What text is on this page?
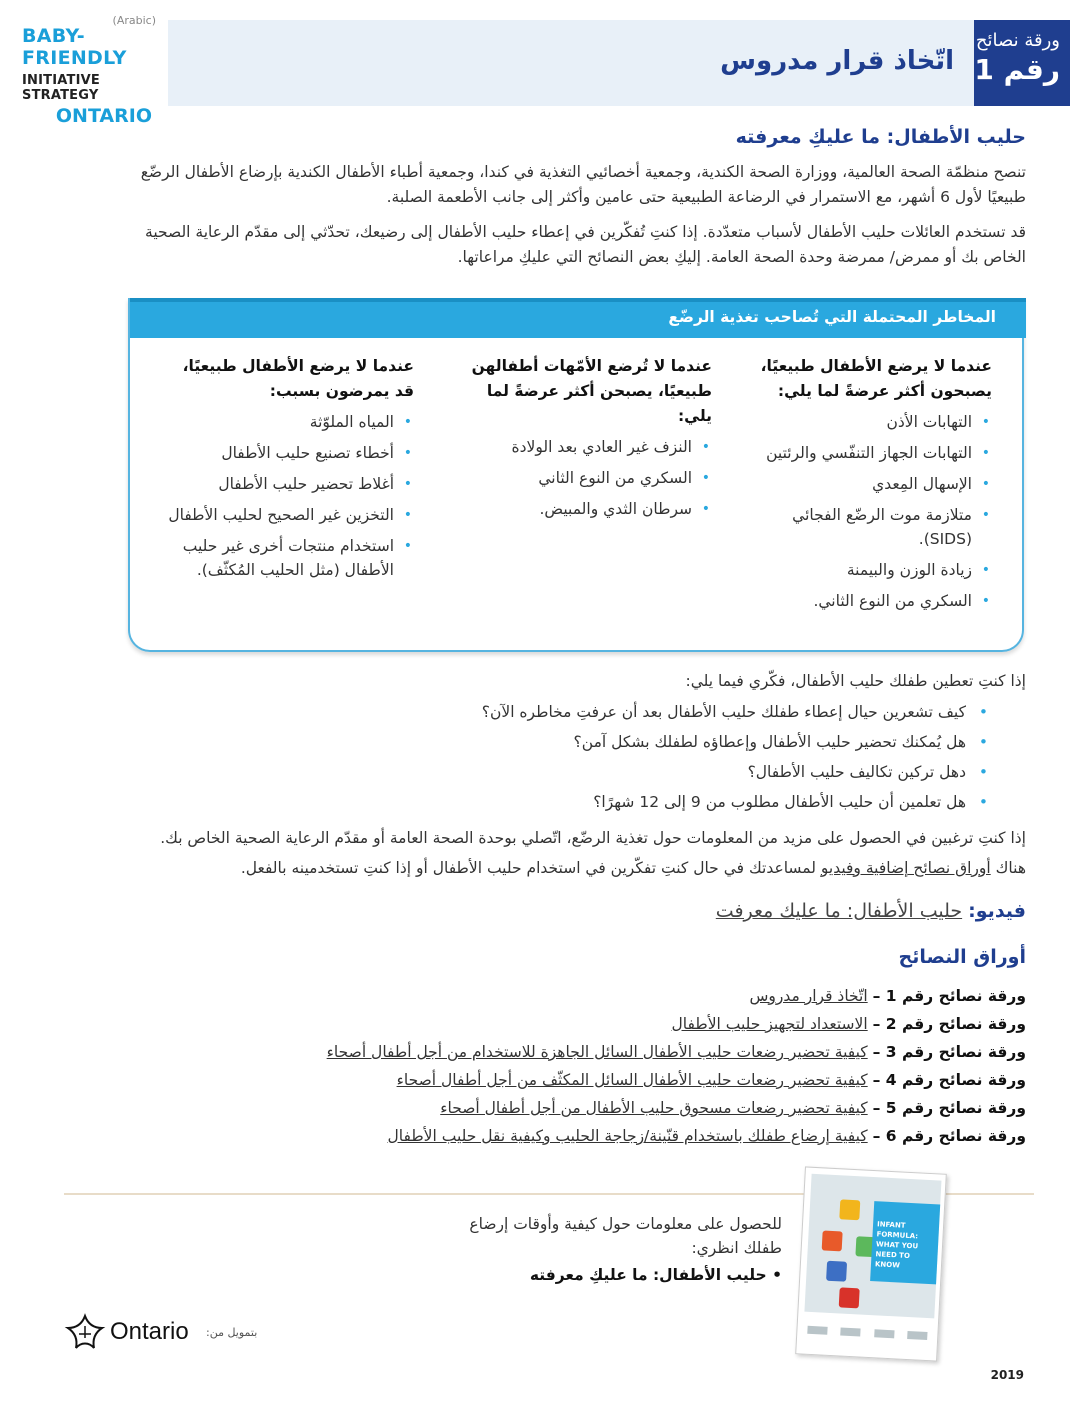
(Arabic)
BABY-FRIENDLY
INITIATIVE STRATEGY
ONTARIO
اتّخاذ قرار مدروس
ورقة نصائح
رقم 1
حليب الأطفال: ما عليكِ معرفته
تنصح منظمّة الصحة العالمية، ووزارة الصحة الكندية، وجمعية أخصائيي التغذية في كندا، وجمعية أطباء الأطفال الكندية بإرضاع الأطفال الرضّع طبيعيًا لأول 6 أشهر، مع الاستمرار في الرضاعة الطبيعية حتى عامين وأكثر إلى جانب الأطعمة الصلبة.
قد تستخدم العائلات حليب الأطفال لأسباب متعدّدة. إذا كنتِ تُفكّرين في إعطاء حليب الأطفال إلى رضيعك، تحدّثي إلى مقدّم الرعاية الصحية الخاص بك أو ممرض/ ممرضة وحدة الصحة العامة. إليكِ بعض النصائح التي عليكِ مراعاتها.
المخاطر المحتملة التي تُصاحب تغذية الرضّع
عندما لا يرضع الأطفال طبيعيًا، يصبحون أكثر عرضةً لما يلي:
• التهابات الأذن
• التهابات الجهاز التنفّسي والرئتين
• الإسهال المِعدي
• متلازمة موت الرضّع الفجائي (SIDS).
• زيادة الوزن والبيمنة
• السكري من النوع الثاني.
عندما لا تُرضع الأمّهات أطفالهن طبيعيًا، يصبحن أكثر عرضةً لما يلي:
• النزف غير العادي بعد الولادة
• السكري من النوع الثاني
• سرطان الثدي والمبيض.
عندما لا يرضع الأطفال طبيعيًا، قد يمرضون بسبب:
• المياه الملوّثة
• أخطاء تصنيع حليب الأطفال
• أغلاط تحضير حليب الأطفال
• التخزين غير الصحيح لحليب الأطفال
• استخدام منتجات أخرى غير حليب الأطفال (مثل الحليب المُكثّف).
إذا كنتِ تعطين طفلك حليب الأطفال، فكّري فيما يلي:
• كيف تشعرين حيال إعطاء طفلك حليب الأطفال بعد أن عرفتِ مخاطره الآن؟
• هل يُمكنك تحضير حليب الأطفال وإعطاؤه لطفلك بشكل آمن؟
• دهل تركين تكاليف حليب الأطفال؟
• هل تعلمين أن حليب الأطفال مطلوب من 9 إلى 12 شهرًا؟
إذا كنتِ ترغبين في الحصول على مزيد من المعلومات حول تغذية الرضّع، اتّصلي بوحدة الصحة العامة أو مقدّم الرعاية الصحية الخاص بك.
هناك أوراق نصائح إضافية وفيديو لمساعدتك في حال كنتِ تفكّرين في استخدام حليب الأطفال أو إذا كنتِ تستخدمينه بالفعل.
فيديو: حليب الأطفال: ما عليك معرفت
أوراق النصائح
ورقة نصائح رقم 1 – اتّخاذ قرار مدروس
ورقة نصائح رقم 2 – الاستعداد لتجهيز حليب الأطفال
ورقة نصائح رقم 3 – كيفية تحضير رضعات حليب الأطفال السائل الجاهزة للاستخدام من أجل أطفال أصحاء
ورقة نصائح رقم 4 – كيفية تحضير رضعات حليب الأطفال السائل المكثّف من أجل أطفال أصحاء
ورقة نصائح رقم 5 – كيفية تحضير رضعات مسحوق حليب الأطفال من أجل أطفال أصحاء
ورقة نصائح رقم 6 – كيفية إرضاع طفلك باستخدام قنّينة/زجاجة الحليب وكيفية نقل حليب الأطفال
INFANT FORMULA: WHAT YOU NEED TO KNOW
للحصول على معلومات حول كيفية وأوقات إرضاع طفلك انظري:
• حليب الأطفال: ما عليكِ معرفته
Ontario بتمويل من:
2019
